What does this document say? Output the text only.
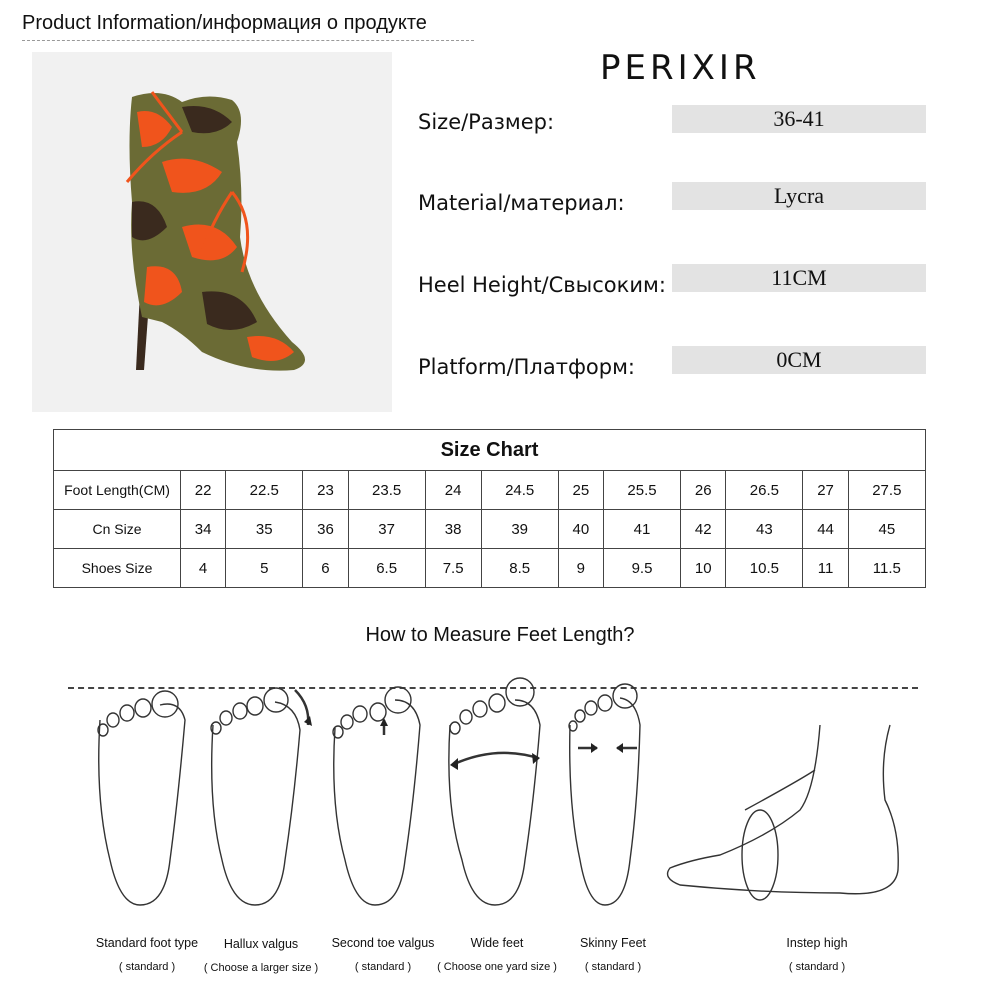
Product Information/информация о продукте
PERIXIR
Size/Размер:	36-41
Material/материал:	Lycra
Heel Height/Свысоким:	11CM
Platform/Платформ:	0CM
Size Chart												
Foot Length(CM)	22	22.5	23	23.5	24	24.5	25	25.5	26	26.5	27	27.5
Cn Size	34	35	36	37	38	39	40	41	42	43	44	45
Shoes Size	4	5	6	6.5	7.5	8.5	9	9.5	10	10.5	11	11.5
How to Measure Feet Length?
Standard foot type
( standard )
Hallux valgus
( Choose a larger size )
Second toe valgus
( standard )
Wide feet
( Choose one yard size )
Skinny Feet
( standard )
Instep high
( standard )
